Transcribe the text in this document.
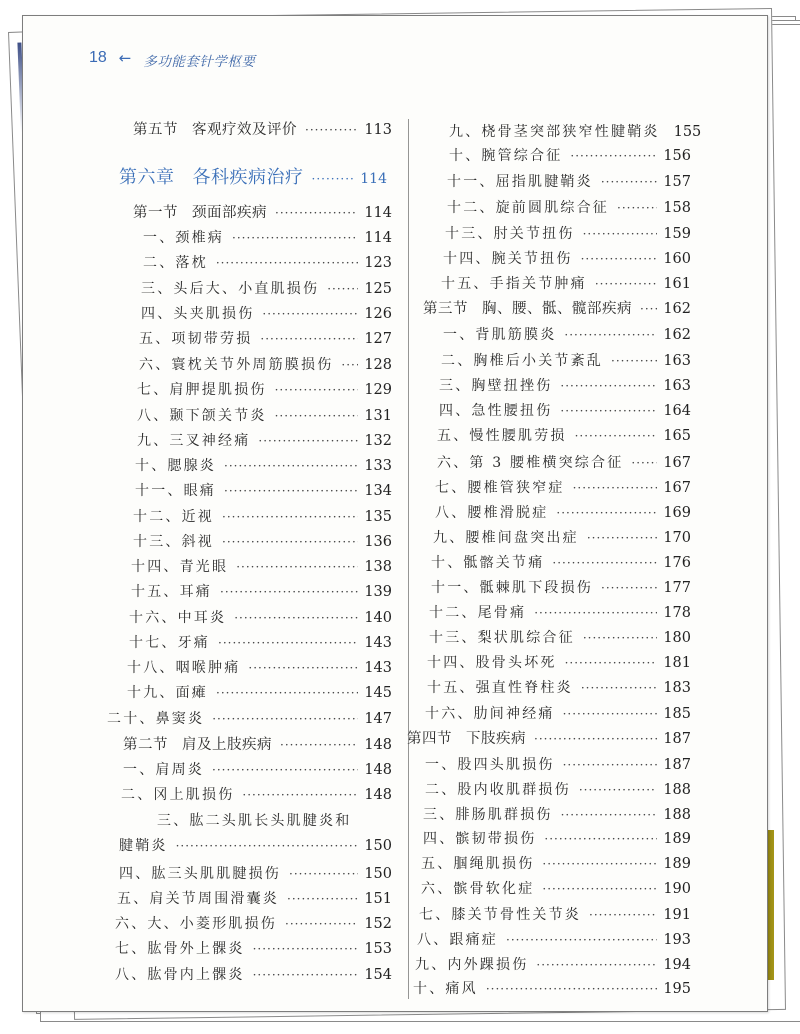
18 ← 多功能套针学枢要
第五节 客观疗效及评价 ·····	113
第六章 各科疾病治疗 ·····	114
第一节 颈面部疾病 ·····	114
一、颈椎病 ·····	114
二、落枕 ·····	123
三、头后大、小直肌损伤 ·····	125
四、头夹肌损伤 ·····	126
五、项韧带劳损 ·····	127
六、寰枕关节外周筋膜损伤 ····· 128
七、肩胛提肌损伤 ·····	129
八、颞下颌关节炎 ·····	131
九、三叉神经痛 ·····	132
十、腮腺炎 ·····	133
十一、眼痛 ·····	134
十二、近视 ·····	135
十三、斜视 ·····	136
十四、青光眼 ·····	138
十五、耳痛 ·····	139
十六、中耳炎 ·····	140
十七、牙痛 ·····	143
十八、咽喉肿痛 ·····	143
十九、面瘫 ·····	145
二十、鼻窦炎 ·····	147
第二节 肩及上肢疾病 ·····	148
一、肩周炎 ·····	148
二、冈上肌损伤 ·····	148
三、肱二头肌长头肌腱炎和
腱鞘炎 ·····	150
四、肱三头肌肌腱损伤 ·····	150
五、肩关节周围滑囊炎 ·····	151
六、大、小菱形肌损伤 ·····	152
七、肱骨外上髁炎 ·····	153
八、肱骨内上髁炎 ·····	154
九、桡骨茎突部狭窄性腱鞘炎 155
十、腕管综合征 ·····	156
十一、屈指肌腱鞘炎 ·····	157
十二、旋前圆肌综合征 ·····	158
十三、肘关节扭伤 ·····	159
十四、腕关节扭伤 ·····	160
十五、手指关节肿痛 ·····	161
第三节 胸、腰、骶、髋部疾病 ····· 162
一、背肌筋膜炎 ·····	162
二、胸椎后小关节紊乱 ·····	163
三、胸壁扭挫伤 ·····	163
四、急性腰扭伤 ·····	164
五、慢性腰肌劳损 ·····	165
六、第 3 腰椎横突综合征 ·····	167
七、腰椎管狭窄症 ·····	167
八、腰椎滑脱症 ·····	169
九、腰椎间盘突出症 ·····	170
十、骶髂关节痛 ·····	176
十一、骶棘肌下段损伤 ·····	177
十二、尾骨痛 ·····	178
十三、梨状肌综合征 ·····	180
十四、股骨头坏死 ·····	181
十五、强直性脊柱炎 ·····	183
十六、肋间神经痛 ·····	185
第四节 下肢疾病 ·····	187
一、股四头肌损伤 ·····	187
二、股内收肌群损伤 ·····	188
三、腓肠肌群损伤 ·····	188
四、髌韧带损伤 ·····	189
五、腘绳肌损伤 ·····	189
六、髌骨软化症 ·····	190
七、膝关节骨性关节炎 ·····	191
八、跟痛症 ·····	193
九、内外踝损伤 ·····	194
十、痛风 ·····	195
